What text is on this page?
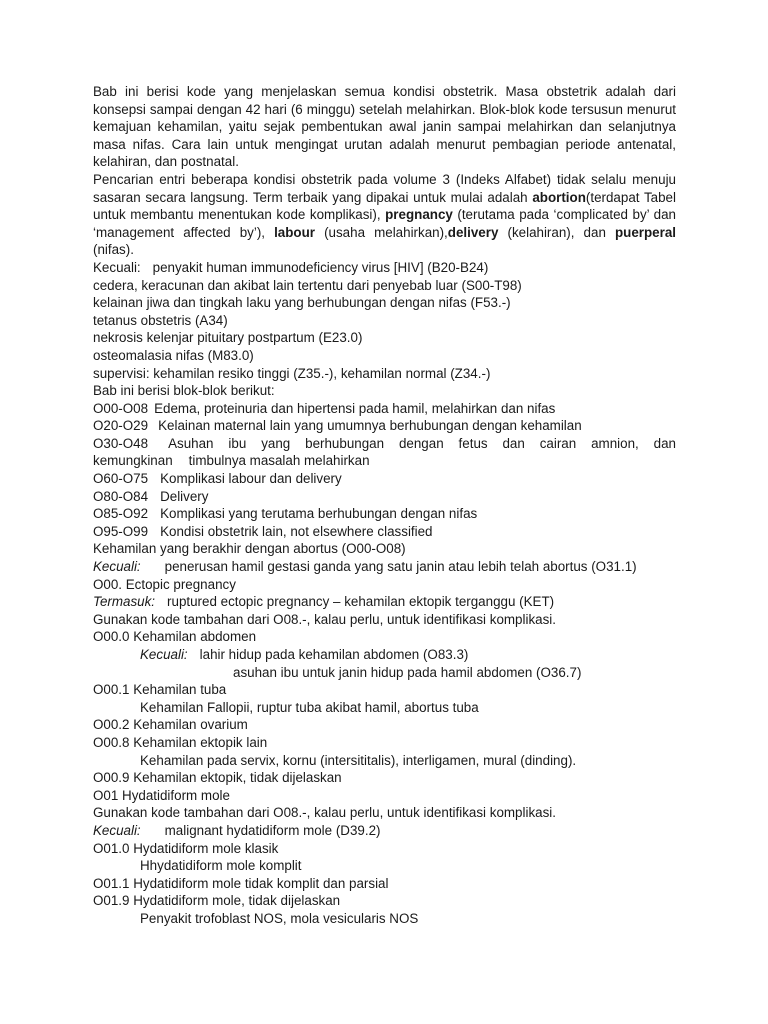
Bab ini berisi kode yang menjelaskan semua kondisi obstetrik. Masa obstetrik adalah dari konsepsi sampai dengan 42 hari (6 minggu) setelah melahirkan. Blok-blok kode tersusun menurut kemajuan kehamilan, yaitu sejak pembentukan awal janin sampai melahirkan dan selanjutnya masa nifas. Cara lain untuk mengingat urutan adalah menurut pembagian periode antenatal, kelahiran, dan postnatal.

Pencarian entri beberapa kondisi obstetrik pada volume 3 (Indeks Alfabet) tidak selalu menuju sasaran secara langsung. Term terbaik yang dipakai untuk mulai adalah abortion(terdapat Tabel untuk membantu menentukan kode komplikasi), pregnancy (terutama pada ‘complicated by’ dan ‘management affected by’), labour (usaha melahirkan),delivery (kelahiran), dan puerperal (nifas).

Kecuali: penyakit human immunodeficiency virus [HIV] (B20-B24)

cedera, keracunan dan akibat lain tertentu dari penyebab luar (S00-T98)

kelainan jiwa dan tingkah laku yang berhubungan dengan nifas (F53.-)

tetanus obstetris (A34)

nekrosis kelenjar pituitary postpartum (E23.0)

osteomalasia nifas (M83.0)

supervisi: kehamilan resiko tinggi (Z35.-), kehamilan normal (Z34.-)

Bab ini berisi blok-blok berikut:

O00-O08 Edema, proteinuria dan hipertensi pada hamil, melahirkan dan nifas

O20-O29 Kelainan maternal lain yang umumnya berhubungan dengan kehamilan

O30-O48 Asuhan ibu yang berhubungan dengan fetus dan cairan amnion, dan

kemungkinan timbulnya masalah melahirkan

O60-O75 Komplikasi labour dan delivery

O80-O84 Delivery

O85-O92 Komplikasi yang terutama berhubungan dengan nifas

O95-O99 Kondisi obstetrik lain, not elsewhere classified

Kehamilan yang berakhir dengan abortus (O00-O08)

Kecuali: penerusan hamil gestasi ganda yang satu janin atau lebih telah abortus (O31.1)

O00. Ectopic pregnancy

Termasuk: ruptured ectopic pregnancy – kehamilan ektopik terganggu (KET)

Gunakan kode tambahan dari O08.-, kalau perlu, untuk identifikasi komplikasi.

O00.0 Kehamilan abdomen

Kecuali: lahir hidup pada kehamilan abdomen (O83.3)

asuhan ibu untuk janin hidup pada hamil abdomen (O36.7)

O00.1 Kehamilan tuba

Kehamilan Fallopii, ruptur tuba akibat hamil, abortus tuba

O00.2 Kehamilan ovarium

O00.8 Kehamilan ektopik lain

Kehamilan pada servix, kornu (intersititalis), interligamen, mural (dinding).

O00.9 Kehamilan ektopik, tidak dijelaskan

O01 Hydatidiform mole

Gunakan kode tambahan dari O08.-, kalau perlu, untuk identifikasi komplikasi.

Kecuali: malignant hydatidiform mole (D39.2)

O01.0 Hydatidiform mole klasik

Hhydatidiform mole komplit

O01.1 Hydatidiform mole tidak komplit dan parsial

O01.9 Hydatidiform mole, tidak dijelaskan

Penyakit trofoblast NOS, mola vesicularis NOS
